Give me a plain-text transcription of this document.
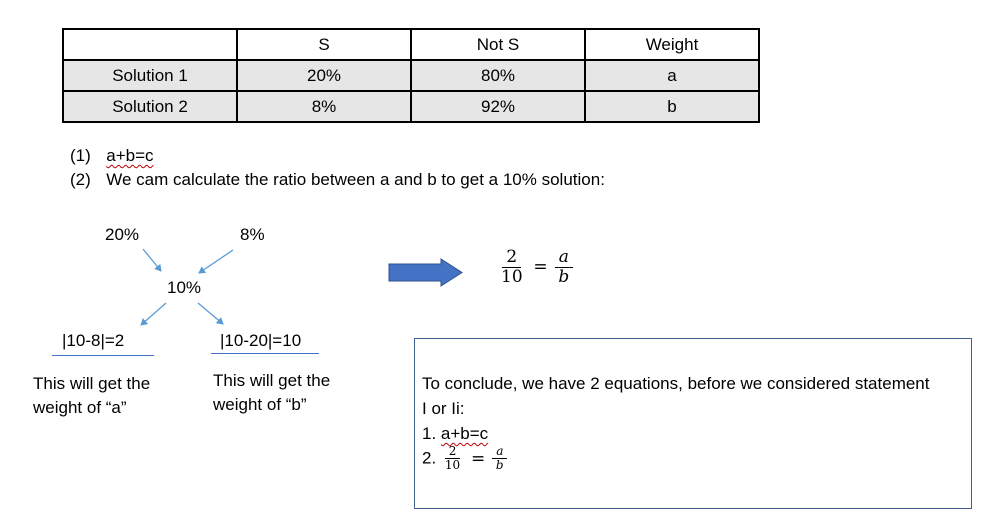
	S	Not S	Weight
Solution 1	20%	80%	a
Solution 2	8%	92%	b
(1) a+b=c
(2) We cam calculate the ratio between a and b to get a 10% solution:
20%	8%
10%
|10-8|=2	|10-20|=10
This will get the
weight of “a”
This will get the
weight of “b”
$\frac{2}{10} = \frac{a}{b}$
To conclude, we have 2 equations, before we considered statement
I or Ii:
1. a+b=c
2. $\frac{2}{10} = \frac{a}{b}$
